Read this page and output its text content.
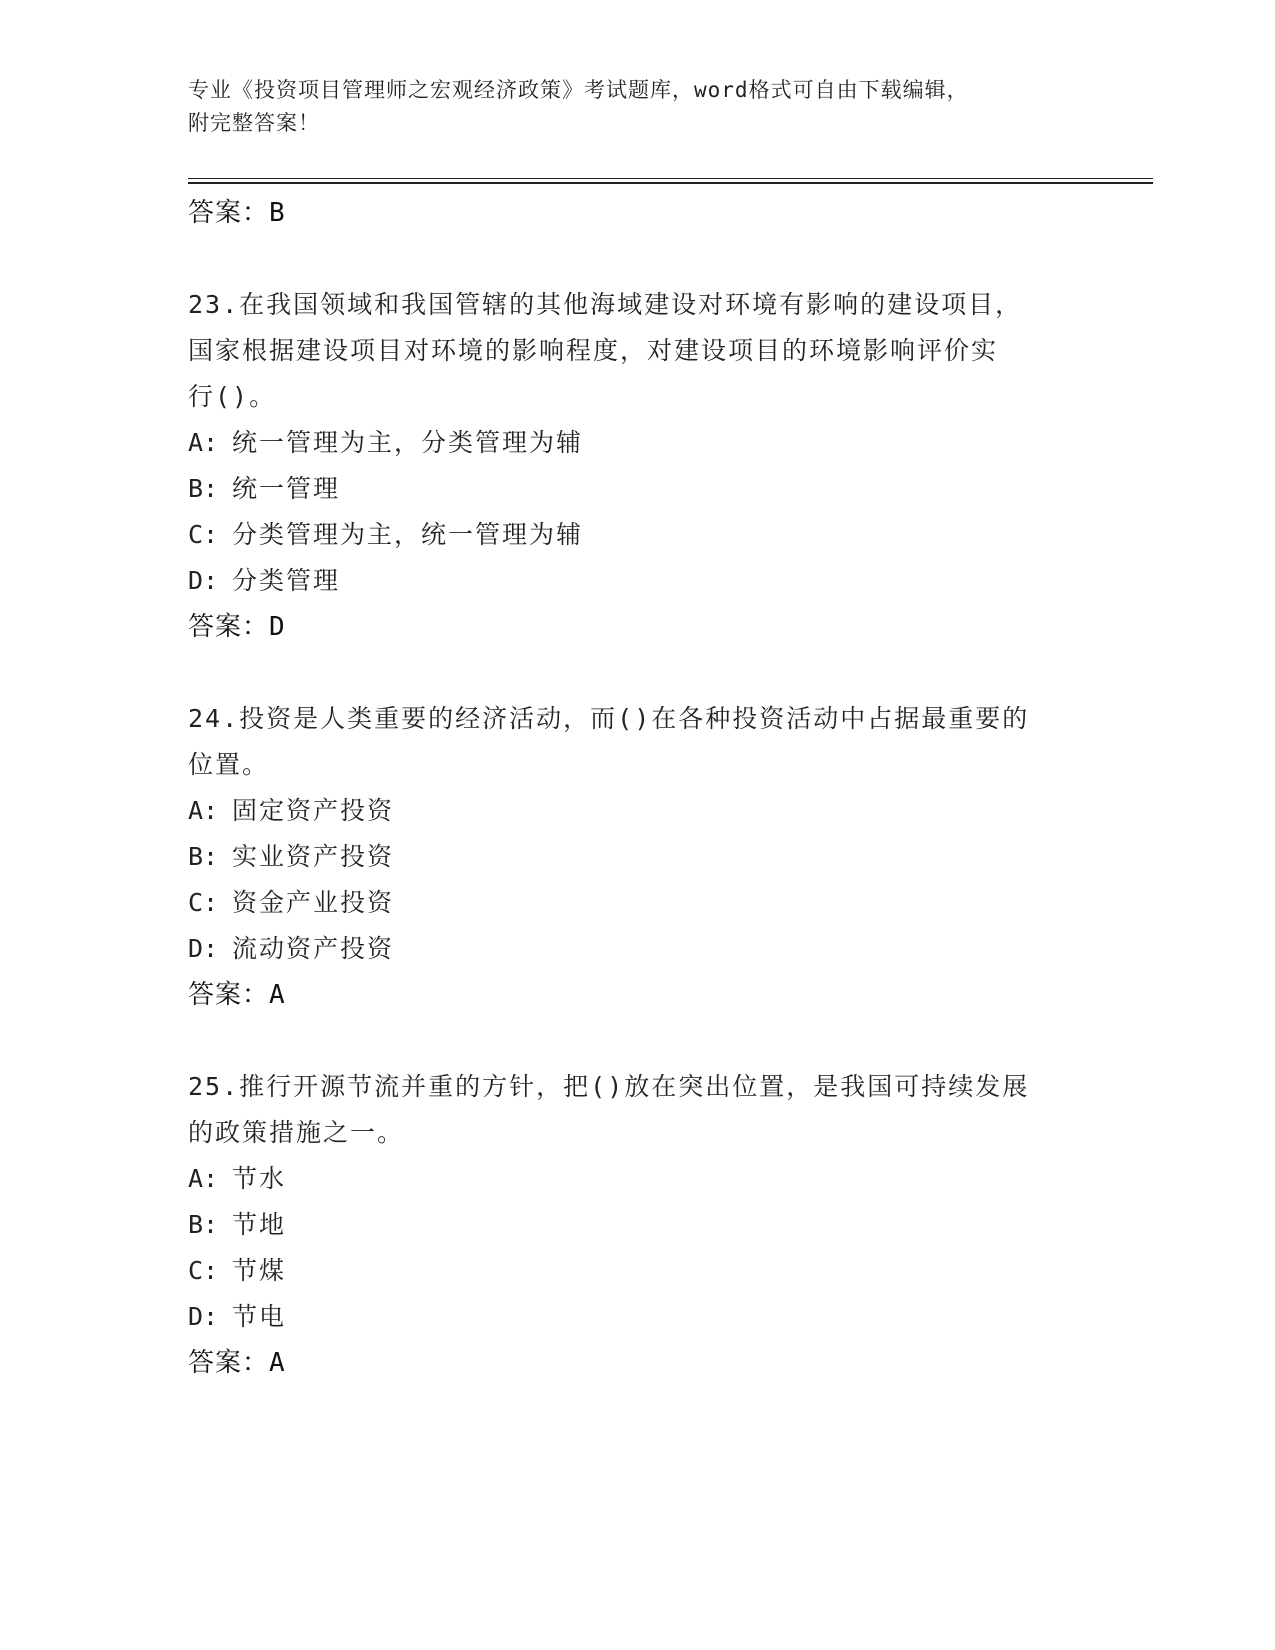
专业《投资项目管理师之宏观经济政策》考试题库，word格式可自由下载编辑，
附完整答案！
答案：B
23.在我国领域和我国管辖的其他海域建设对环境有影响的建设项目，
国家根据建设项目对环境的影响程度，对建设项目的环境影响评价实
行()。
A: 统一管理为主，分类管理为辅
B: 统一管理
C: 分类管理为主，统一管理为辅
D: 分类管理
答案：D
24.投资是人类重要的经济活动，而()在各种投资活动中占据最重要的
位置。
A: 固定资产投资
B: 实业资产投资
C: 资金产业投资
D: 流动资产投资
答案：A
25.推行开源节流并重的方针，把()放在突出位置，是我国可持续发展
的政策措施之一。
A: 节水
B: 节地
C: 节煤
D: 节电
答案：A
